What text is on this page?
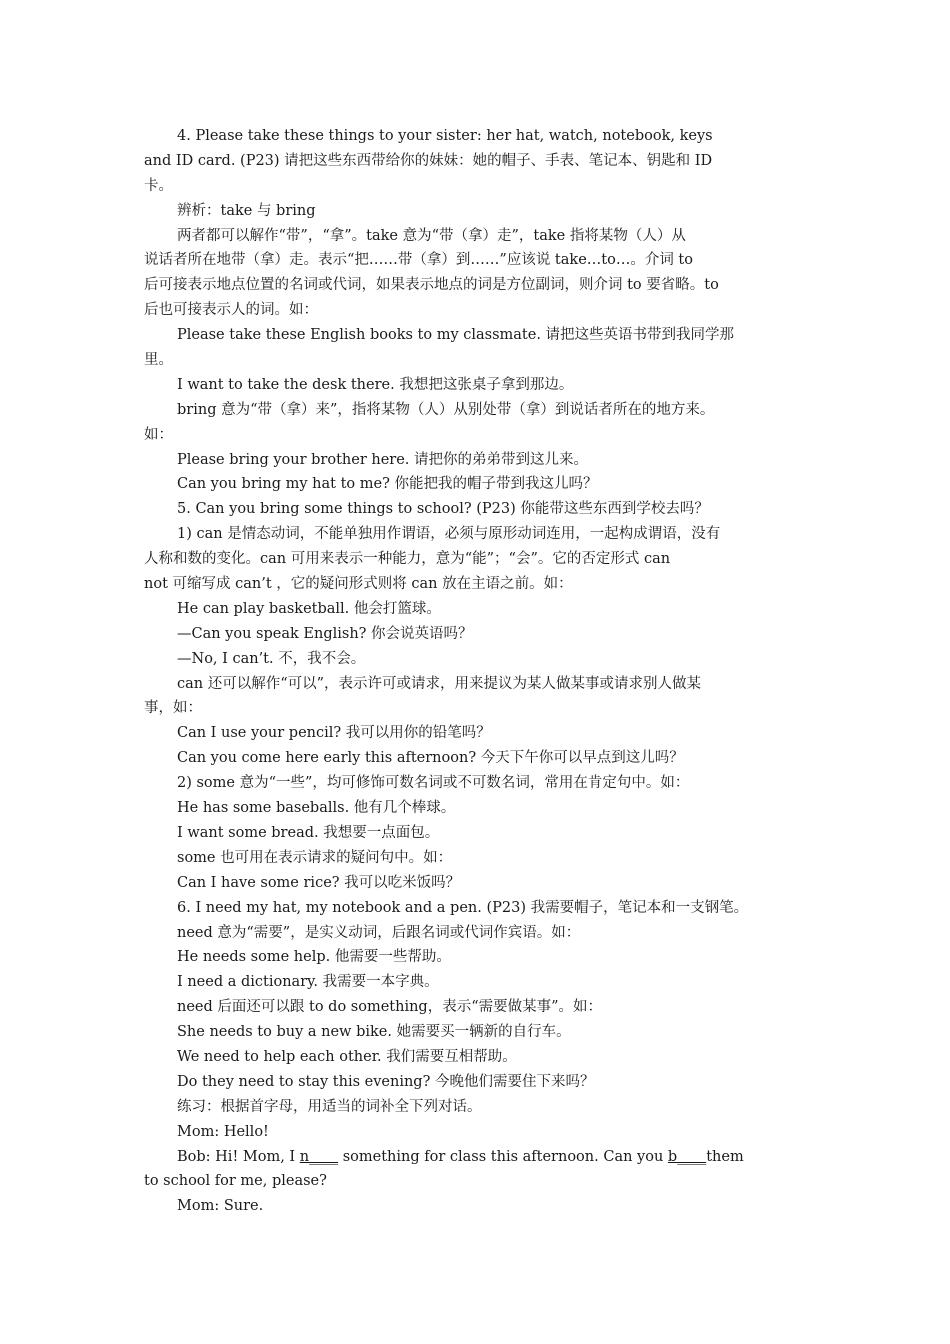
4. Please take these things to your sister: her hat, watch, notebook, keys
and ID card. (P23) 请把这些东西带给你的妹妹：她的帽子、手表、笔记本、钥匙和 ID
卡。
辨析：take 与 bring
两者都可以解作“带”，“拿”。take 意为“带（拿）走”，take 指将某物（人）从
说话者所在地带（拿）走。表示“把……带（拿）到……”应该说 take…to…。介词 to
后可接表示地点位置的名词或代词，如果表示地点的词是方位副词，则介词 to 要省略。to
后也可接表示人的词。如：
Please take these English books to my classmate. 请把这些英语书带到我同学那
里。
I want to take the desk there. 我想把这张桌子拿到那边。
bring 意为“带（拿）来”，指将某物（人）从别处带（拿）到说话者所在的地方来。
如：
Please bring your brother here. 请把你的弟弟带到这儿来。
Can you bring my hat to me? 你能把我的帽子带到我这儿吗？
5. Can you bring some things to school? (P23) 你能带这些东西到学校去吗？
1) can 是情态动词，不能单独用作谓语，必须与原形动词连用，一起构成谓语，没有
人称和数的变化。can 可用来表示一种能力，意为“能”；“会”。它的否定形式 can
not 可缩写成 can’t ，它的疑问形式则将 can 放在主语之前。如：
He can play basketball. 他会打篮球。
—Can you speak English? 你会说英语吗？
—No, I can’t. 不，我不会。
can 还可以解作“可以”，表示许可或请求，用来提议为某人做某事或请求别人做某
事，如：
Can I use your pencil? 我可以用你的铅笔吗？
Can you come here early this afternoon? 今天下午你可以早点到这儿吗？
2) some 意为“一些”，均可修饰可数名词或不可数名词，常用在肯定句中。如：
He has some baseballs. 他有几个棒球。
I want some bread. 我想要一点面包。
some 也可用在表示请求的疑问句中。如：
Can I have some rice? 我可以吃米饭吗？
6. I need my hat, my notebook and a pen. (P23) 我需要帽子，笔记本和一支钢笔。
need 意为“需要”，是实义动词，后跟名词或代词作宾语。如：
He needs some help. 他需要一些帮助。
I need a dictionary. 我需要一本字典。
need 后面还可以跟 to do something，表示“需要做某事”。如：
She needs to buy a new bike. 她需要买一辆新的自行车。
We need to help each other. 我们需要互相帮助。
Do they need to stay this evening? 今晚他们需要住下来吗？
练习：根据首字母，用适当的词补全下列对话。
Mom: Hello!
Bob: Hi! Mom, I n____ something for class this afternoon. Can you b____them
to school for me, please?
Mom: Sure.
